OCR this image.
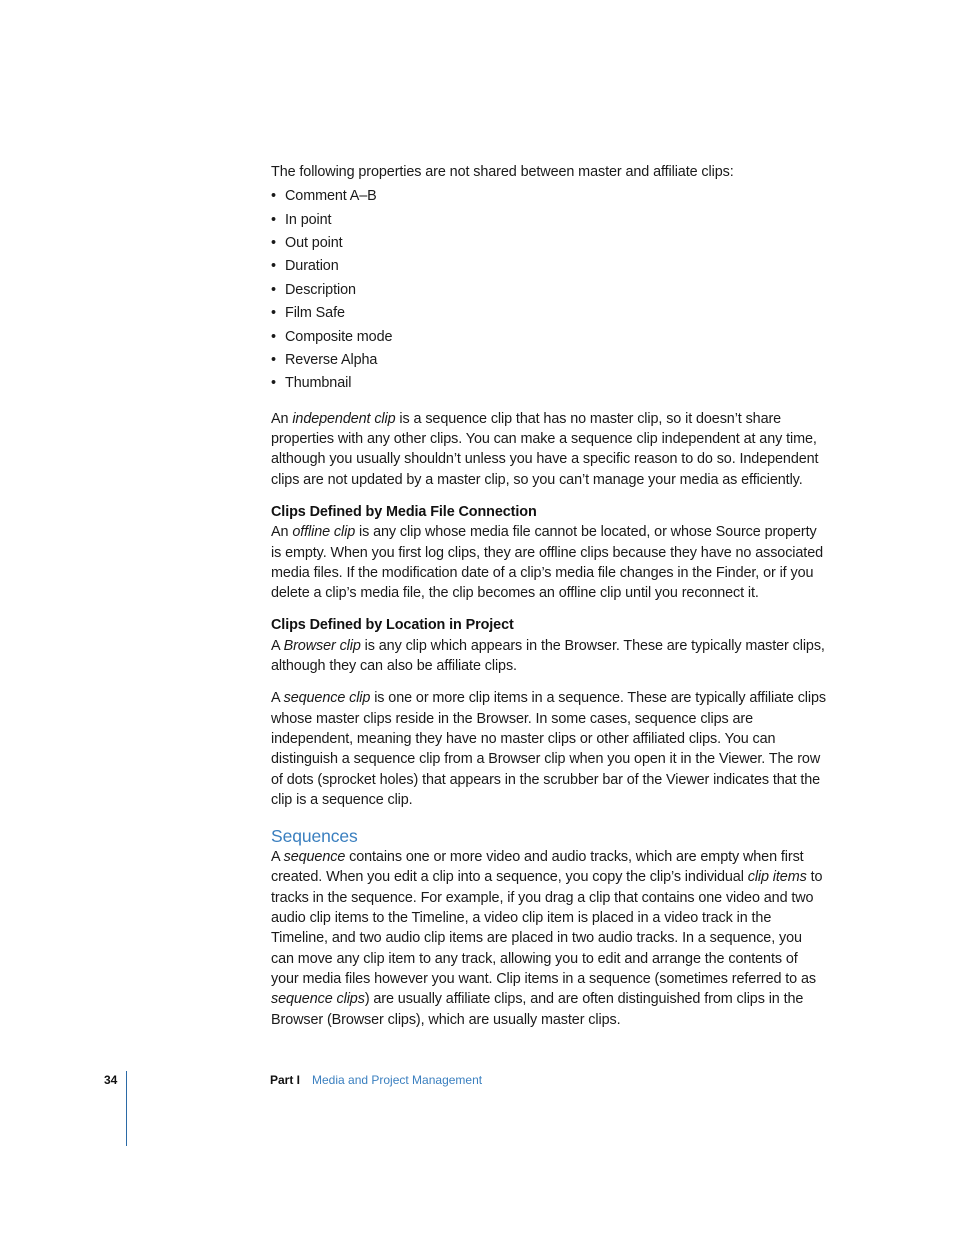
The following properties are not shared between master and affiliate clips:

• Comment A–B
• In point
• Out point
• Duration
• Description
• Film Safe
• Composite mode
• Reverse Alpha
• Thumbnail

An independent clip is a sequence clip that has no master clip, so it doesn’t share properties with any other clips. You can make a sequence clip independent at any time, although you usually shouldn’t unless you have a specific reason to do so. Independent clips are not updated by a master clip, so you can’t manage your media as efficiently.

Clips Defined by Media File Connection

An offline clip is any clip whose media file cannot be located, or whose Source property is empty. When you first log clips, they are offline clips because they have no associated media files. If the modification date of a clip’s media file changes in the Finder, or if you delete a clip’s media file, the clip becomes an offline clip until you reconnect it.

Clips Defined by Location in Project

A Browser clip is any clip which appears in the Browser. These are typically master clips, although they can also be affiliate clips.

A sequence clip is one or more clip items in a sequence. These are typically affiliate clips whose master clips reside in the Browser. In some cases, sequence clips are independent, meaning they have no master clips or other affiliated clips. You can distinguish a sequence clip from a Browser clip when you open it in the Viewer. The row of dots (sprocket holes) that appears in the scrubber bar of the Viewer indicates that the clip is a sequence clip.

Sequences

A sequence contains one or more video and audio tracks, which are empty when first created. When you edit a clip into a sequence, you copy the clip’s individual clip items to tracks in the sequence. For example, if you drag a clip that contains one video and two audio clip items to the Timeline, a video clip item is placed in a video track in the Timeline, and two audio clip items are placed in two audio tracks. In a sequence, you can move any clip item to any track, allowing you to edit and arrange the contents of your media files however you want. Clip items in a sequence (sometimes referred to as sequence clips) are usually affiliate clips, and are often distinguished from clips in the Browser (Browser clips), which are usually master clips.

34	Part I Media and Project Management
